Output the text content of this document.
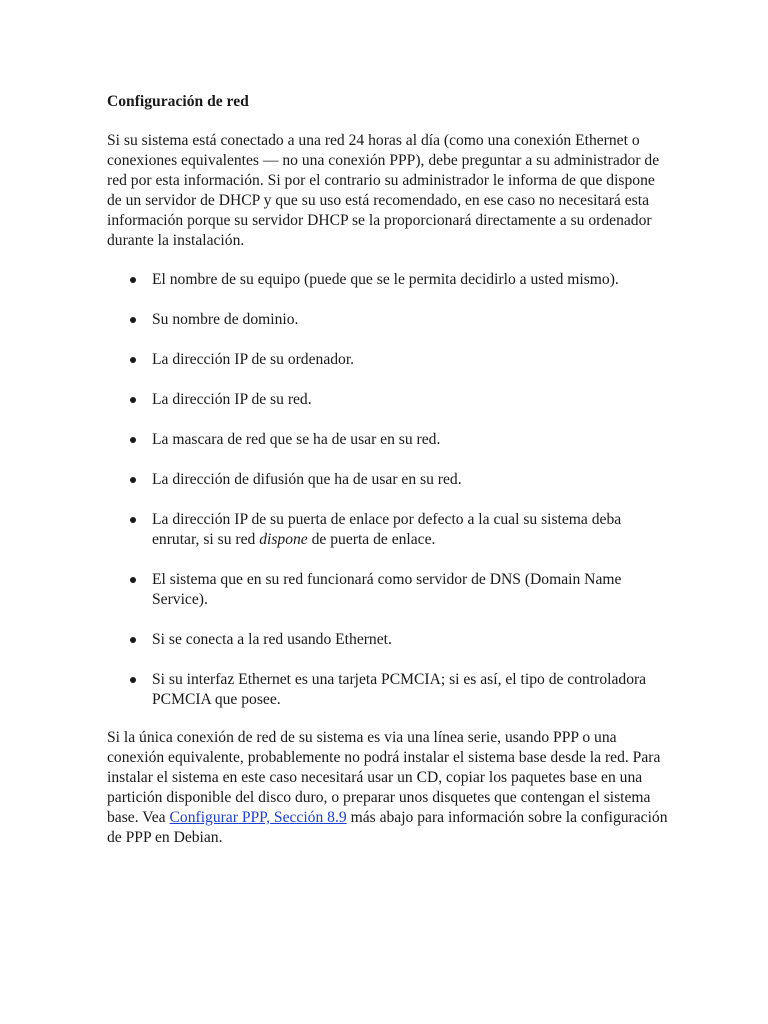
Configuración de red

Si su sistema está conectado a una red 24 horas al día (como una conexión Ethernet o conexiones equivalentes — no una conexión PPP), debe preguntar a su administrador de red por esta información. Si por el contrario su administrador le informa de que dispone de un servidor de DHCP y que su uso está recomendado, en ese caso no necesitará esta información porque su servidor DHCP se la proporcionará directamente a su ordenador durante la instalación.

El nombre de su equipo (puede que se le permita decidirlo a usted mismo).
Su nombre de dominio.
La dirección IP de su ordenador.
La dirección IP de su red.
La mascara de red que se ha de usar en su red.
La dirección de difusión que ha de usar en su red.
La dirección IP de su puerta de enlace por defecto a la cual su sistema deba enrutar, si su red dispone de puerta de enlace.
El sistema que en su red funcionará como servidor de DNS (Domain Name Service).
Si se conecta a la red usando Ethernet.
Si su interfaz Ethernet es una tarjeta PCMCIA; si es así, el tipo de controladora PCMCIA que posee.

Si la única conexión de red de su sistema es via una línea serie, usando PPP o una conexión equivalente, probablemente no podrá instalar el sistema base desde la red. Para instalar el sistema en este caso necesitará usar un CD, copiar los paquetes base en una partición disponible del disco duro, o preparar unos disquetes que contengan el sistema base. Vea Configurar PPP, Sección 8.9 más abajo para información sobre la configuración de PPP en Debian.
